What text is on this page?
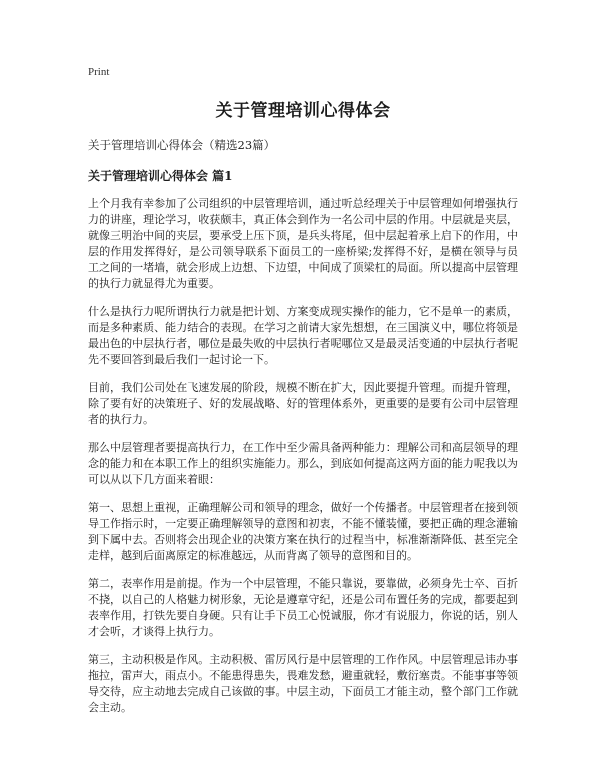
Print
关于管理培训心得体会

关于管理培训心得体会（精选23篇）

关于管理培训心得体会 篇1

上个月我有幸参加了公司组织的中层管理培训，通过听总经理关于中层管理如何增强执行力的讲座，理论学习，收获颇丰，真正体会到作为一名公司中层的作用。中层就是夹层，就像三明治中间的夹层，要承受上压下顶，是兵头将尾，但中层起着承上启下的作用，中层的作用发挥得好，是公司领导联系下面员工的一座桥梁;发挥得不好，是横在领导与员工之间的一堵墙，就会形成上边想、下边望，中间成了顶梁杠的局面。所以提高中层管理的执行力就显得尤为重要。

什么是执行力呢所谓执行力就是把计划、方案变成现实操作的能力，它不是单一的素质，而是多种素质、能力结合的表现。在学习之前请大家先想想，在三国演义中，哪位将领是最出色的中层执行者，哪位是最失败的中层执行者呢哪位又是最灵活变通的中层执行者呢先不要回答到最后我们一起讨论一下。

目前，我们公司处在飞速发展的阶段，规模不断在扩大，因此要提升管理。而提升管理，除了要有好的决策班子、好的发展战略、好的管理体系外，更重要的是要有公司中层管理者的执行力。

那么中层管理者要提高执行力，在工作中至少需具备两种能力：理解公司和高层领导的理念的能力和在本职工作上的组织实施能力。那么，到底如何提高这两方面的能力呢我以为可以从以下几方面来着眼：

第一、思想上重视，正确理解公司和领导的理念，做好一个传播者。中层管理者在接到领导工作指示时，一定要正确理解领导的意图和初衷，不能不懂装懂，要把正确的理念灌输到下属中去。否则将会出现企业的决策方案在执行的过程当中，标准渐渐降低、甚至完全走样，越到后面离原定的标准越远，从而背离了领导的意图和目的。

第二，表率作用是前提。作为一个中层管理，不能只靠说，要靠做，必须身先士卒、百折不挠，以自己的人格魅力树形象，无论是遵章守纪，还是公司布置任务的完成，都要起到表率作用，打铁先要自身硬。只有让手下员工心悦诚服，你才有说服力，你说的话，别人才会听，才谈得上执行力。

第三，主动积极是作风。主动积极、雷厉风行是中层管理的工作作风。中层管理忌讳办事拖拉，雷声大，雨点小。不能患得患失，畏难发愁，避重就轻，敷衍塞责。不能事事等领导交待，应主动地去完成自己该做的事。中层主动，下面员工才能主动，整个部门工作就会主动。
